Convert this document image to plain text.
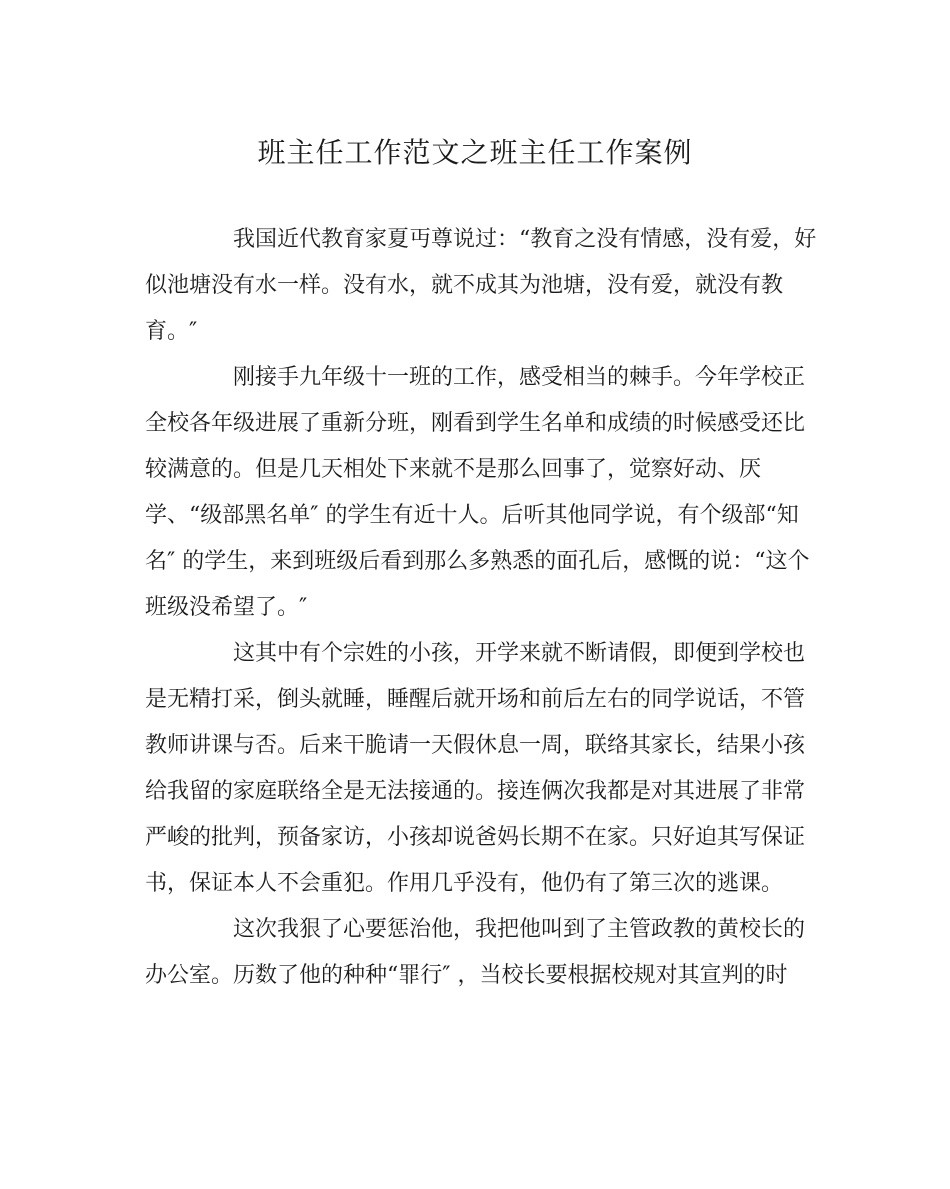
班主任工作范文之班主任工作案例
我国近代教育家夏丏尊说过：“教育之没有情感，没有爱，好
似池塘没有水一样。没有水，就不成其为池塘，没有爱，就没有教
育。″
刚接手九年级十一班的工作，感受相当的棘手。今年学校正
全校各年级进展了重新分班，刚看到学生名单和成绩的时候感受还比
较满意的。但是几天相处下来就不是那么回事了，觉察好动、厌
学、“级部黑名单″ 的学生有近十人。后听其他同学说，有个级部“知
名″ 的学生，来到班级后看到那么多熟悉的面孔后，感慨的说：“这个
班级没希望了。″
这其中有个宗姓的小孩，开学来就不断请假，即便到学校也
是无精打采，倒头就睡，睡醒后就开场和前后左右的同学说话，不管
教师讲课与否。后来干脆请一天假休息一周，联络其家长，结果小孩
给我留的家庭联络全是无法接通的。接连俩次我都是对其进展了非常
严峻的批判，预备家访，小孩却说爸妈长期不在家。只好迫其写保证
书，保证本人不会重犯。作用几乎没有，他仍有了第三次的逃课。
这次我狠了心要惩治他，我把他叫到了主管政教的黄校长的
办公室。历数了他的种种“罪行″ ，当校长要根据校规对其宣判的时
